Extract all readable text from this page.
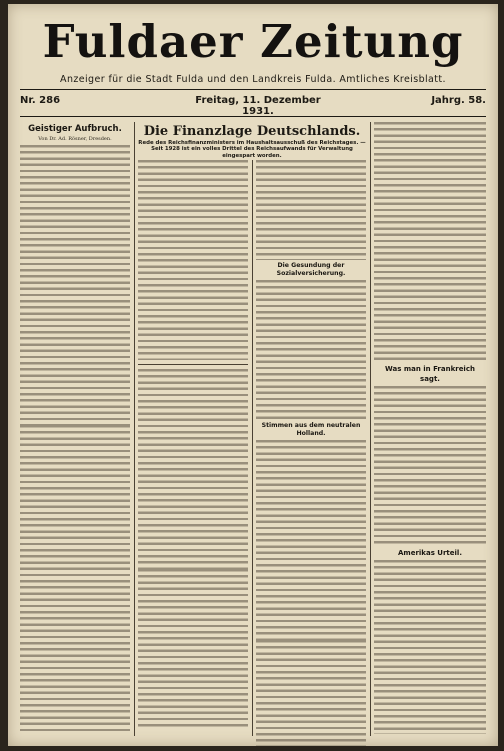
Fuldaer Zeitung
Anzeiger für die Stadt Fulda und den Landkreis Fulda. Amtliches Kreisblatt.
Nr. 286	Freitag, 11. Dezember 1931.
Jahrg. 58.
Geistiger Aufbruch.
Von Dr. Ad. Rösner, Dresden.	Die Finanzlage Deutschlands.
Rede des Reichsfinanzministers im Haushaltsausschuß des Reichstages. — Seit 1928 ist ein volles Drittel des Reichsaufwands für Verwaltung eingespart worden.
Die Gesundung der Sozialversicherung.
Stimmen aus dem neutralen Holland.
Was man in Frankreich sagt.
Amerikas Urteil.
